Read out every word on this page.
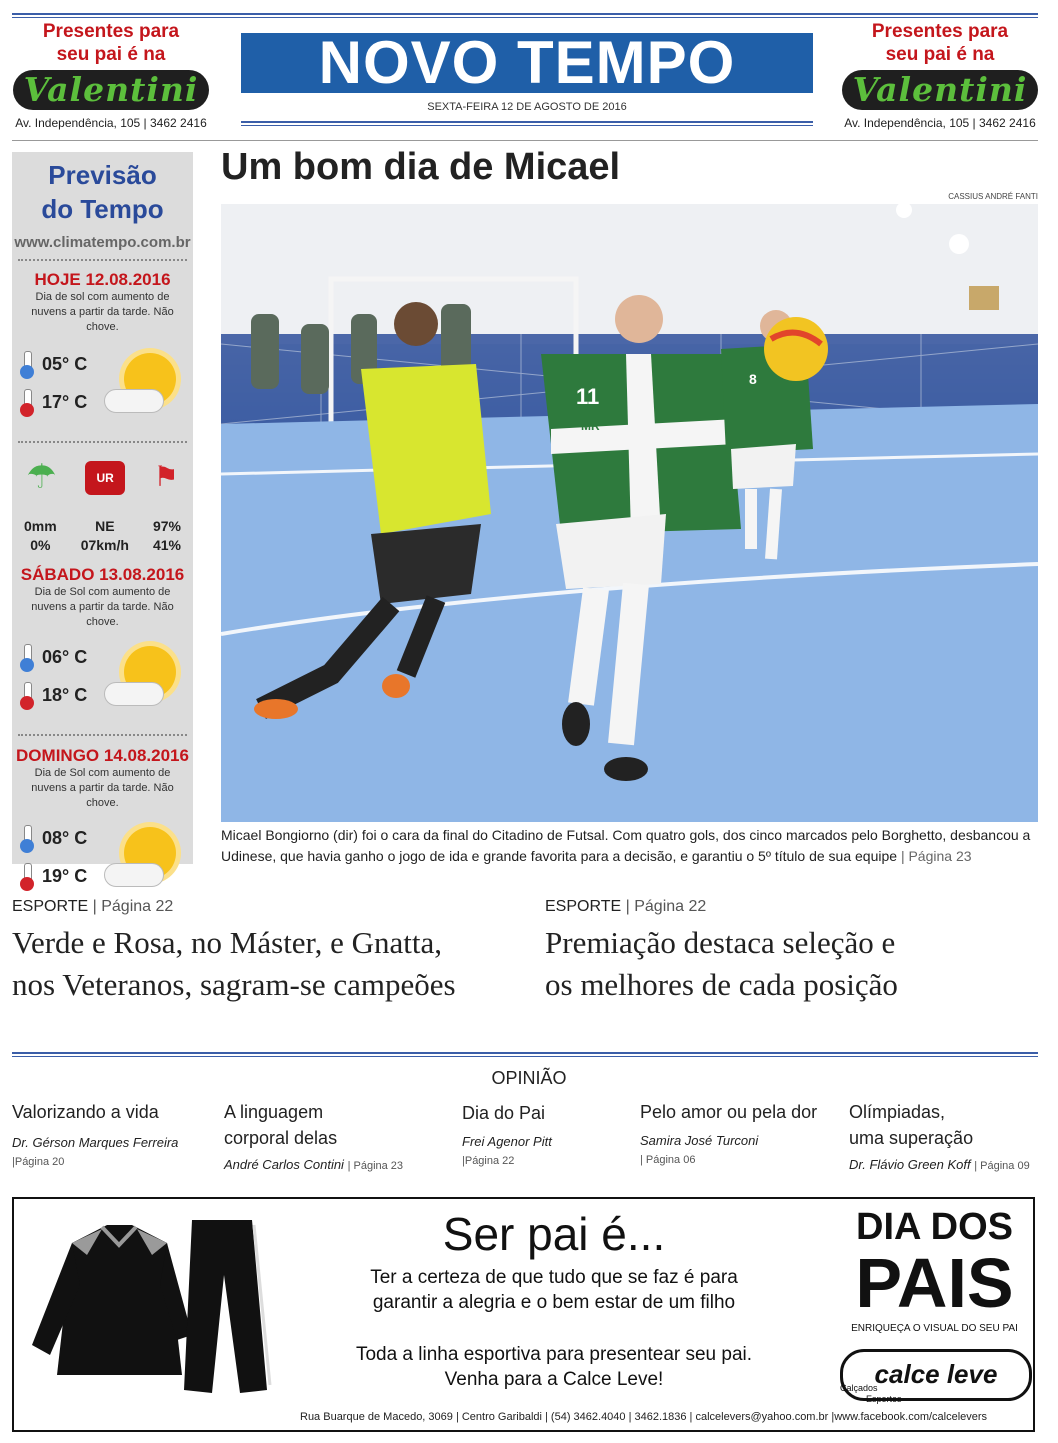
Presentes para seu pai é na
Valentini
Av. Independência, 105 | 3462 2416
Presentes para seu pai é na
Valentini
Av. Independência, 105 | 3462 2416
NOVO TEMPO
SEXTA-FEIRA 12 DE AGOSTO DE 2016
Previsão
do Tempo
www.climatempo.com.br
HOJE 12.08.2016
Dia de sol com aumento de nuvens a partir da tarde. Não chove.
05° C
17° C
☂	UR	⚑
0mm
0%
NE
07km/h
97%
41%
SÁBADO 13.08.2016
Dia de Sol com aumento de nuvens a partir da tarde. Não chove.
06° C
18° C
DOMINGO 14.08.2016
Dia de Sol com aumento de nuvens a partir da tarde. Não chove.
08° C
19° C
Um bom dia de Micael
CASSIUS ANDRÉ FANTI
11
MR
8
Micael Bongiorno (dir) foi o cara da final do Citadino de Futsal. Com quatro gols, dos cinco marcados pelo Borghetto, desbancou a Udinese, que havia ganho o jogo de ida e grande favorita para a decisão, e garantiu o 5º título de sua equipe | Página 23
ESPORTE | Página 22
Verde e Rosa, no Máster, e Gnatta,
nos Veteranos, sagram-se campeões
ESPORTE | Página 22
Premiação destaca seleção e
os melhores de cada posição
OPINIÃO
Valorizando a vida
Dr. Gérson Marques Ferreira
|Página 20
A linguagem
corporal delas
André Carlos Contini | Página 23
Dia do Pai
Frei Agenor Pitt
|Página 22
Pelo amor ou pela dor
Samira José Turconi
| Página 06
Olímpiadas,
uma superação
Dr. Flávio Green Koff | Página 09
Ser pai é...
Ter a certeza de que tudo que se faz é para
garantir a alegria e o bem estar de um filho
Toda a linha esportiva para presentear seu pai.
Venha para a Calce Leve!
DIA DOS
PAIS
ENRIQUEÇA O VISUAL DO SEU PAI
calce leve
Calçados
Esportes
Rua Buarque de Macedo, 3069 | Centro Garibaldi | (54) 3462.4040 | 3462.1836 | calcelevers@yahoo.com.br |www.facebook.com/calcelevers
